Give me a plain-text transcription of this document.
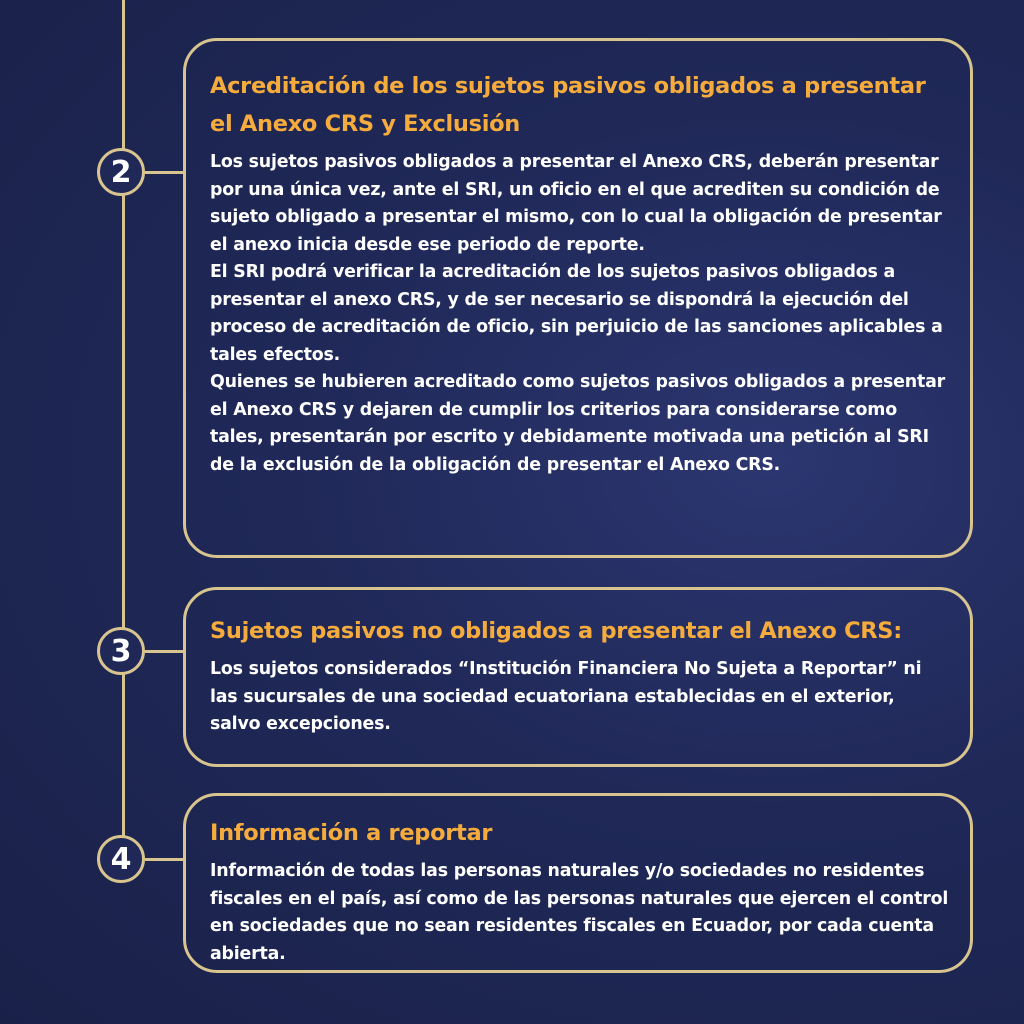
2
Acreditación de los sujetos pasivos obligados a presentar el Anexo CRS y Exclusión

Los sujetos pasivos obligados a presentar el Anexo CRS, deberán presentar por una única vez, ante el SRI, un oficio en el que acrediten su condición de sujeto obligado a presentar el mismo, con lo cual la obligación de presentar el anexo inicia desde ese periodo de reporte.

El SRI podrá verificar la acreditación de los sujetos pasivos obligados a presentar el anexo CRS, y de ser necesario se dispondrá la ejecución del proceso de acreditación de oficio, sin perjuicio de las sanciones aplicables a tales efectos.

Quienes se hubieren acreditado como sujetos pasivos obligados a presentar el Anexo CRS y dejaren de cumplir los criterios para considerarse como tales, presentarán por escrito y debidamente motivada una petición al SRI de la exclusión de la obligación de presentar el Anexo CRS.

3
Sujetos pasivos no obligados a presentar el Anexo CRS:

Los sujetos considerados “Institución Financiera No Sujeta a Reportar” ni las sucursales de una sociedad ecuatoriana establecidas en el exterior, salvo excepciones.

4
Información a reportar

Información de todas las personas naturales y/o sociedades no residentes fiscales en el país, así como de las personas naturales que ejercen el control en sociedades que no sean residentes fiscales en Ecuador, por cada cuenta abierta.
